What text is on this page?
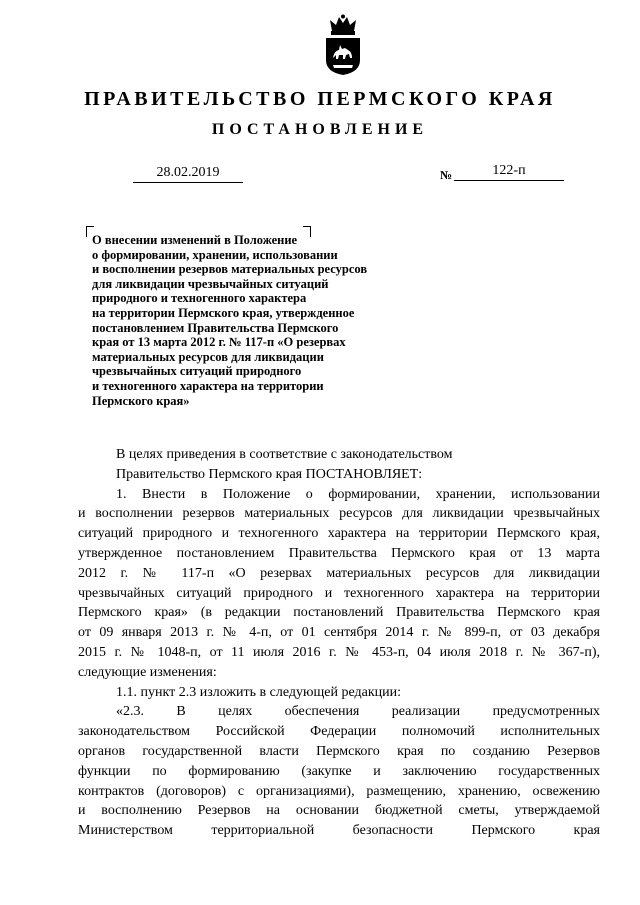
ПРАВИТЕЛЬСТВО ПЕРМСКОГО КРАЯ
ПОСТАНОВЛЕНИЕ
28.02.2019	№	122-п
О внесении изменений в Положение
о формировании, хранении, использовании
и восполнении резервов материальных ресурсов
для ликвидации чрезвычайных ситуаций
природного и техногенного характера
на территории Пермского края, утвержденное
постановлением Правительства Пермского
края от 13 марта 2012 г. № 117-п «О резервах
материальных ресурсов для ликвидации
чрезвычайных ситуаций природного
и техногенного характера на территории
Пермского края»
В целях приведения в соответствие с законодательством
Правительство Пермского края ПОСТАНОВЛЯЕТ:
1. Внести в Положение о формировании, хранении, использовании
и восполнении резервов материальных ресурсов для ликвидации чрезвычайных
ситуаций природного и техногенного характера на территории Пермского края,
утвержденное постановлением Правительства Пермского края от 13 марта
2012 г. № 117-п «О резервах материальных ресурсов для ликвидации
чрезвычайных ситуаций природного и техногенного характера на территории
Пермского края» (в редакции постановлений Правительства Пермского края
от 09 января 2013 г. № 4-п, от 01 сентября 2014 г. № 899-п, от 03 декабря
2015 г. № 1048-п, от 11 июля 2016 г. № 453-п, 04 июля 2018 г. № 367-п),
следующие изменения:
1.1. пункт 2.3 изложить в следующей редакции:
«2.3. В целях обеспечения реализации предусмотренных
законодательством Российской Федерации полномочий исполнительных
органов государственной власти Пермского края по созданию Резервов
функции по формированию (закупке и заключению государственных
контрактов (договоров) с организациями), размещению, хранению, освежению
и восполнению Резервов на основании бюджетной сметы, утверждаемой
Министерством территориальной безопасности Пермского края
